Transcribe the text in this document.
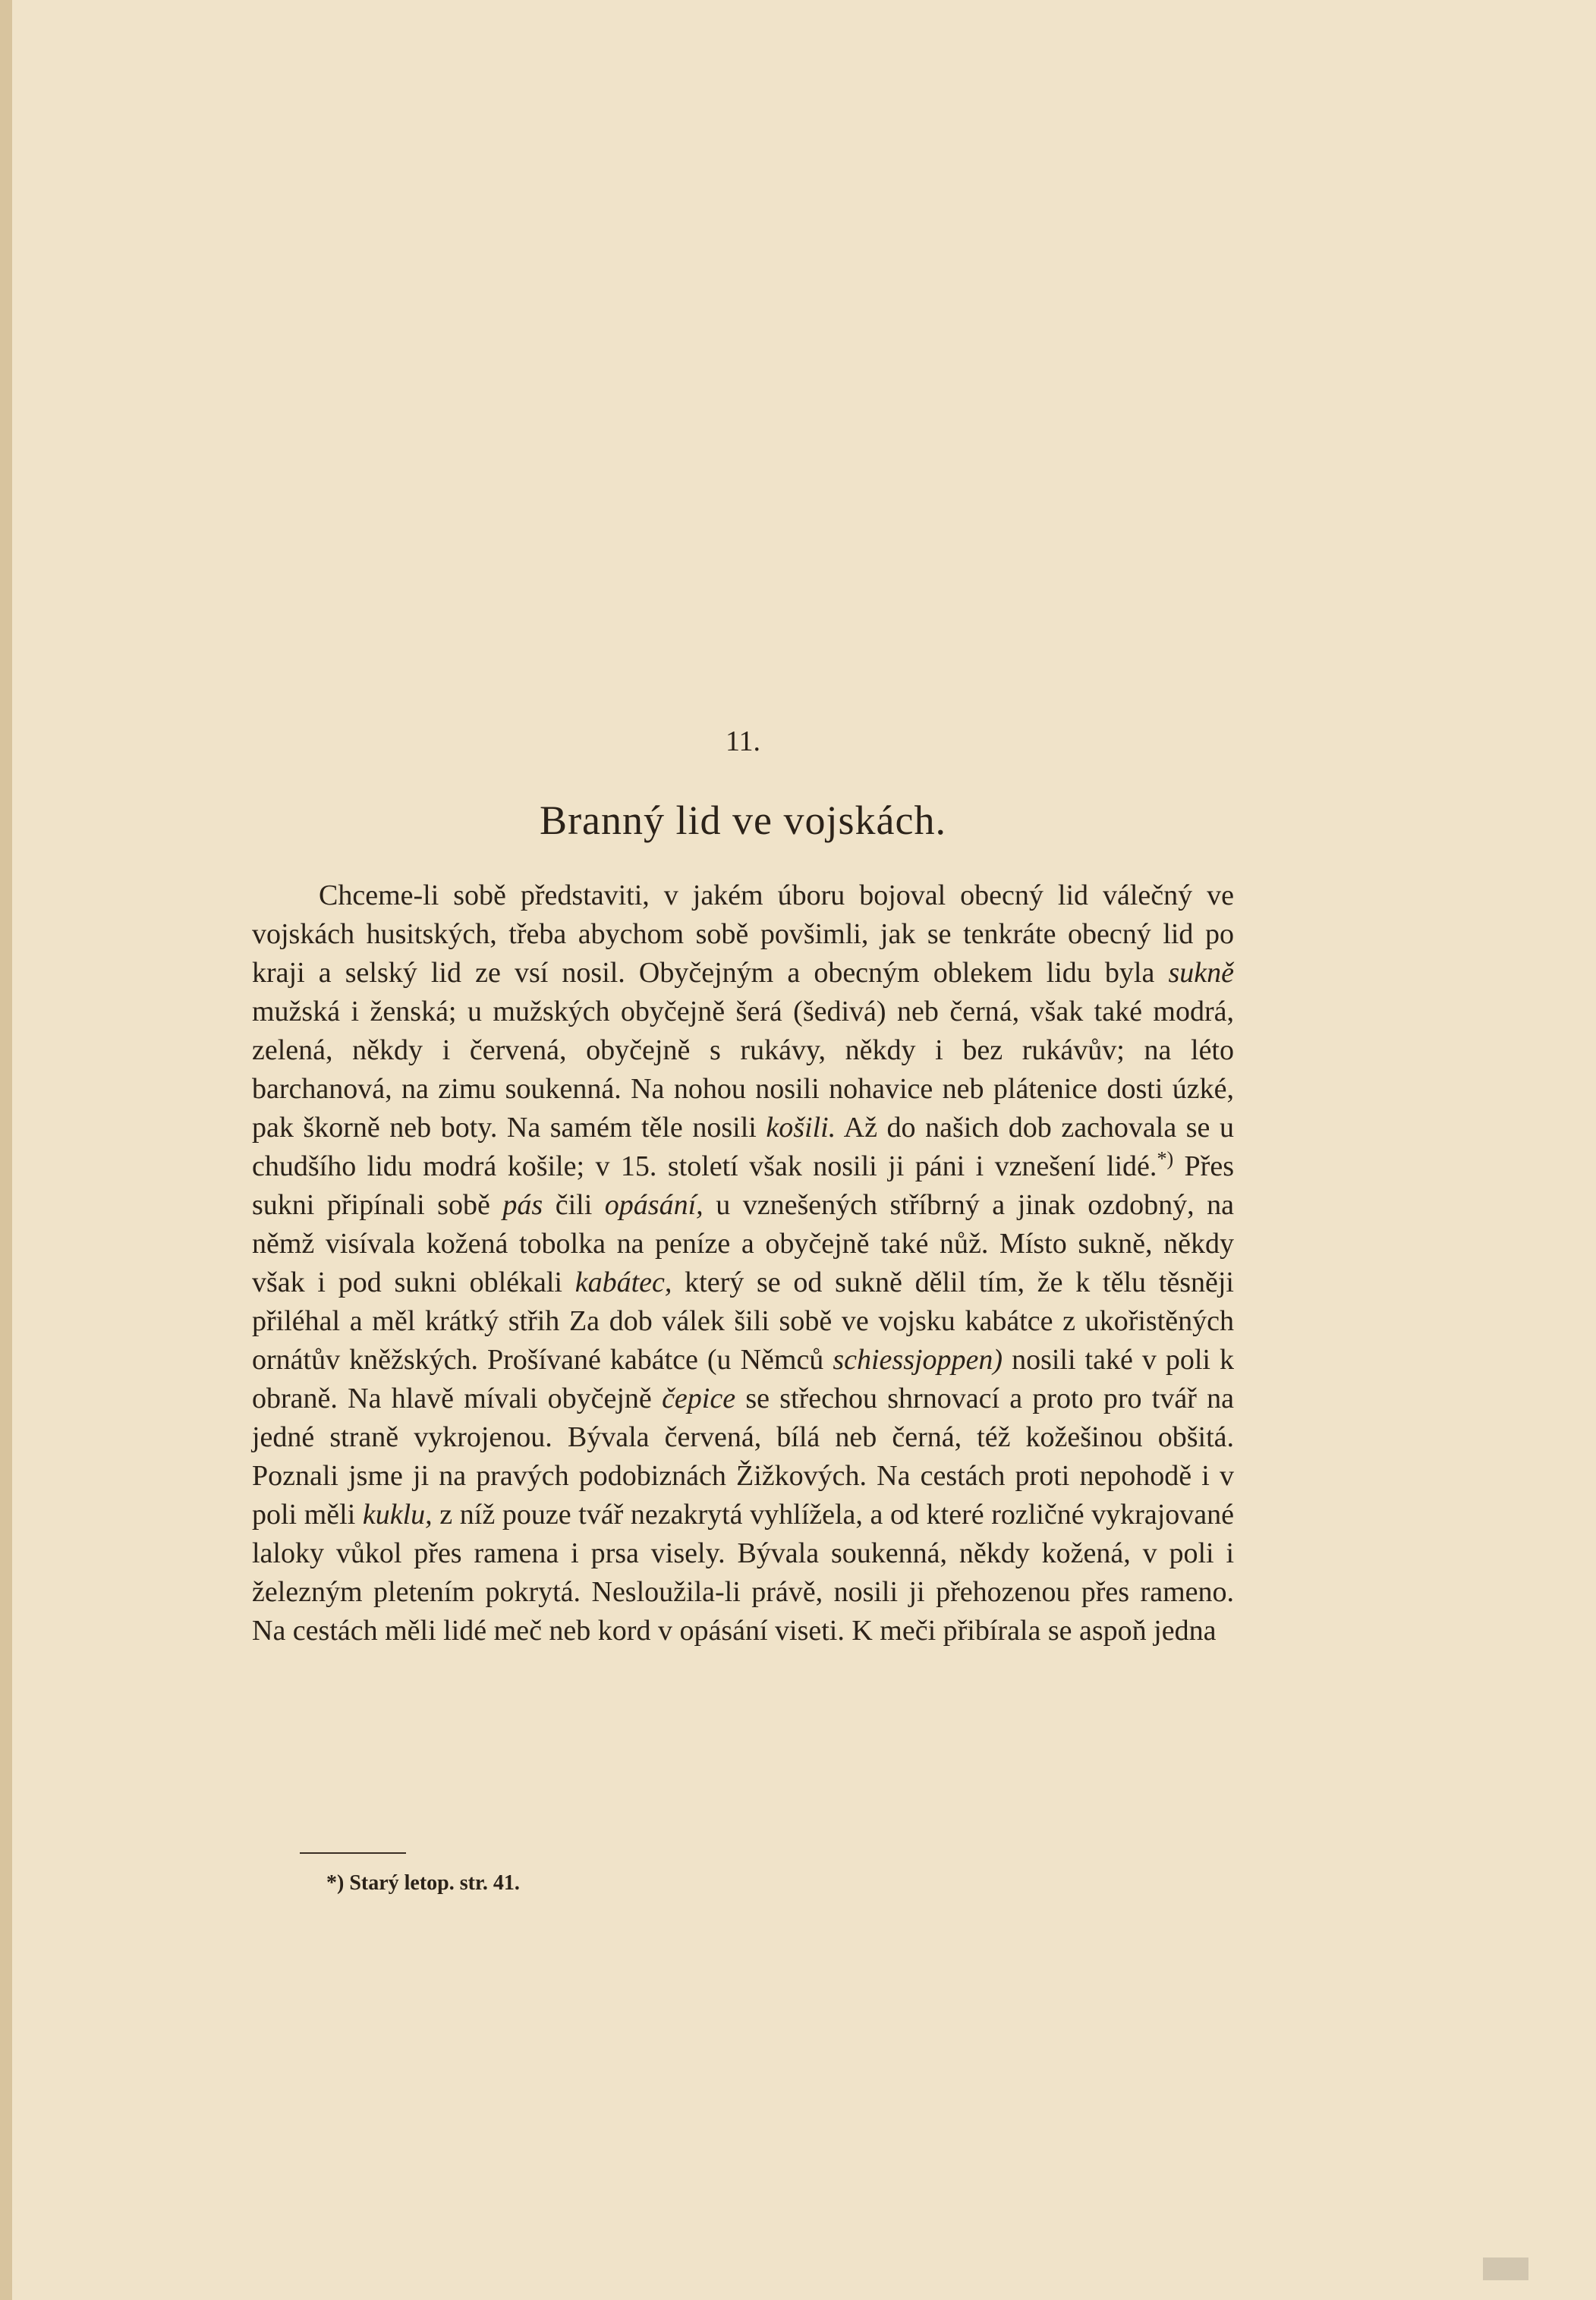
11.
Branný lid ve vojskách.

Chceme-li sobě představiti, v jakém úboru bojoval obecný lid válečný ve vojskách husitských, třeba abychom sobě povšimli, jak se tenkráte obecný lid po kraji a selský lid ze vsí nosil. Obyčejným a obecným oblekem lidu byla sukně mužská i ženská; u mužských obyčejně šerá (šedivá) neb černá, však také modrá, zelená, někdy i červená, obyčejně s rukávy, někdy i bez rukávův; na léto barchanová, na zimu soukenná. Na nohou nosili nohavice neb plátenice dosti úzké, pak škorně neb boty. Na samém těle nosili košili. Až do našich dob zachovala se u chudšího lidu modrá košile; v 15. století však nosili ji páni i vznešení lidé.*) Přes sukni připínali sobě pás čili opásání, u vznešených stříbrný a jinak ozdobný, na němž visívala kožená tobolka na peníze a obyčejně také nůž. Místo sukně, někdy však i pod sukni oblékali kabátec, který se od sukně dělil tím, že k tělu těsněji přiléhal a měl krátký střih Za dob válek šili sobě ve vojsku kabátce z ukořistěných ornátův kněžských. Prošívané kabátce (u Němců schiessjoppen) nosili také v poli k obraně. Na hlavě mívali obyčejně čepice se střechou shrnovací a proto pro tvář na jedné straně vykrojenou. Bývala červená, bílá neb černá, též kožešinou obšitá. Poznali jsme ji na pravých podobiznách Žižkových. Na cestách proti nepohodě i v poli měli kuklu, z níž pouze tvář nezakrytá vyhlížela, a od které rozličné vykrajované laloky vůkol přes ramena i prsa visely. Bývala soukenná, někdy kožená, v poli i železným pletením pokrytá. Nesloužila-li právě, nosili ji přehozenou přes rameno. Na cestách měli lidé meč neb kord v opásání viseti. K meči přibírala se aspoň jedna

*) Starý letop. str. 41.
